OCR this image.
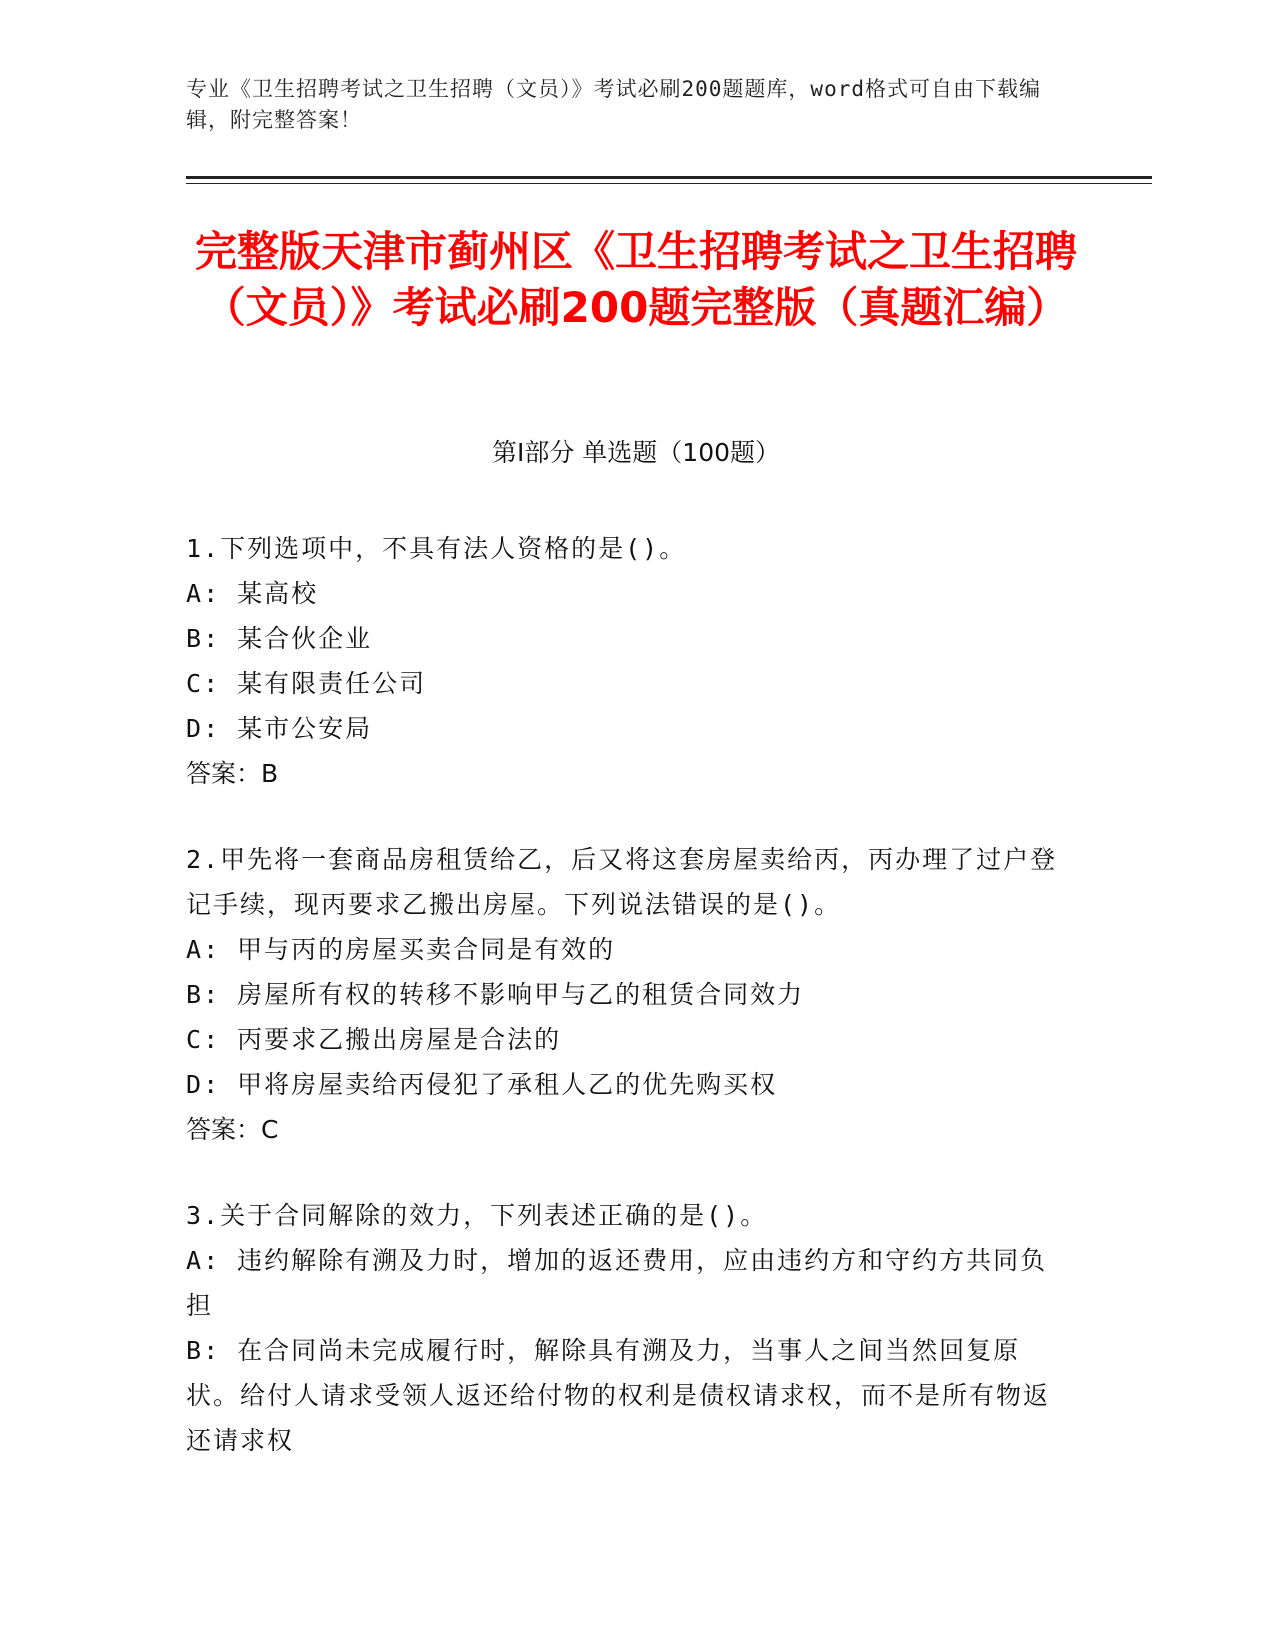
专业《卫生招聘考试之卫生招聘（文员）》考试必刷200题题库，word格式可自由下载编辑，附完整答案！
完整版天津市蓟州区《卫生招聘考试之卫生招聘（文员）》考试必刷200题完整版（真题汇编）
第Ⅰ部分 单选题（100题）

1.下列选项中，不具有法人资格的是()。

A: 某高校

B: 某合伙企业

C: 某有限责任公司

D: 某市公安局

答案：B

2.甲先将一套商品房租赁给乙，后又将这套房屋卖给丙，丙办理了过户登记手续，现丙要求乙搬出房屋。下列说法错误的是()。

A: 甲与丙的房屋买卖合同是有效的

B: 房屋所有权的转移不影响甲与乙的租赁合同效力

C: 丙要求乙搬出房屋是合法的

D: 甲将房屋卖给丙侵犯了承租人乙的优先购买权

答案：C

3.关于合同解除的效力，下列表述正确的是()。

A: 违约解除有溯及力时，增加的返还费用，应由违约方和守约方共同负担

B: 在合同尚未完成履行时，解除具有溯及力，当事人之间当然回复原状。给付人请求受领人返还给付物的权利是债权请求权，而不是所有物返还请求权
